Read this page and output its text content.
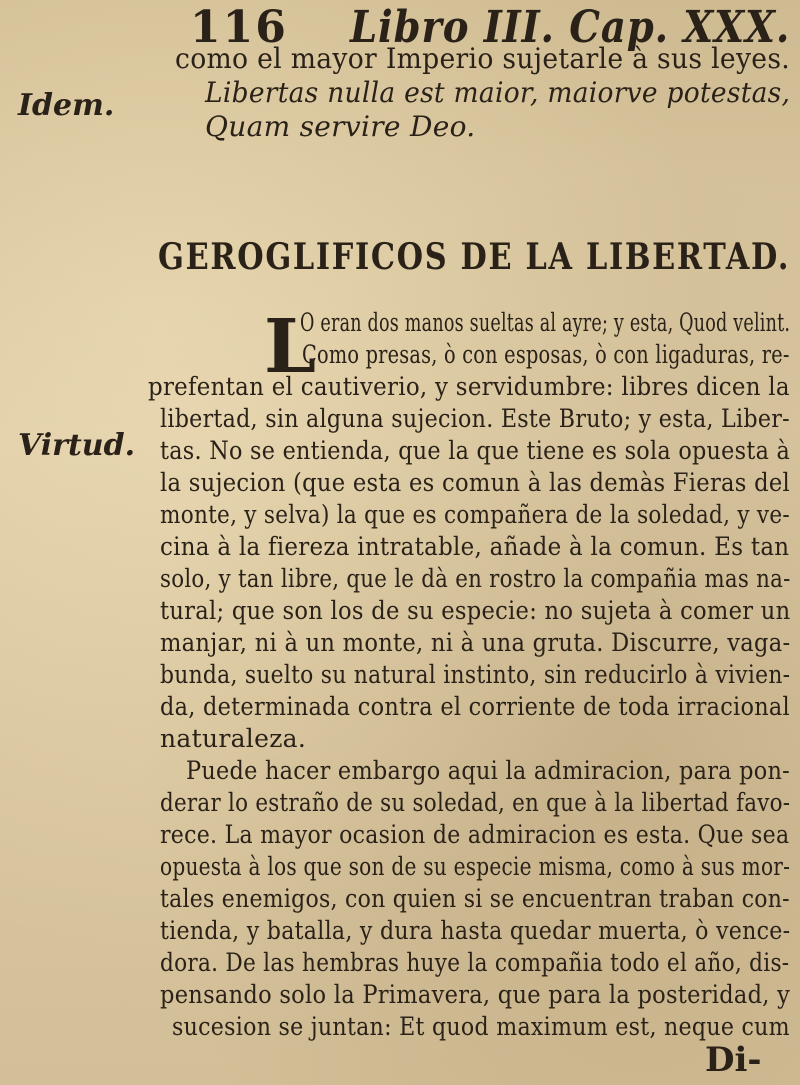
116 Libro III. Cap. XXX.
Idem.
Virtud.
como el mayor Imperio sujetarle à sus leyes.
Libertas nulla est maior, maiorve potestas,
Quam servire Deo.
GEROGLIFICOS DE LA LIBERTAD.
L
O eran dos manos sueltas al ayre; y esta, Quod velint.
Como presas, ò con esposas, ò con ligaduras, re-
prefentan el cautiverio, y servidumbre: libres dicen la
libertad, sin alguna sujecion. Este Bruto; y esta, Liber-
tas. No se entienda, que la que tiene es sola opuesta à
la sujecion (que esta es comun à las demàs Fieras del
monte, y selva) la que es compañera de la soledad, y ve-
cina à la fiereza intratable, añade à la comun. Es tan
solo, y tan libre, que le dà en rostro la compañia mas na-
tural; que son los de su especie: no sujeta à comer un
manjar, ni à un monte, ni à una gruta. Discurre, vaga-
bunda, suelto su natural instinto, sin reducirlo à vivien-
da, determinada contra el corriente de toda irracional
naturaleza.
Puede hacer embargo aqui la admiracion, para pon-
derar lo estraño de su soledad, en que à la libertad favo-
rece. La mayor ocasion de admiracion es esta. Que sea
opuesta à los que son de su especie misma, como à sus mor-
tales enemigos, con quien si se encuentran traban con-
tienda, y batalla, y dura hasta quedar muerta, ò vence-
dora. De las hembras huye la compañia todo el año, dis-
pensando solo la Primavera, que para la posteridad, y
sucesion se juntan: Et quod maximum est, neque cum
Di-
